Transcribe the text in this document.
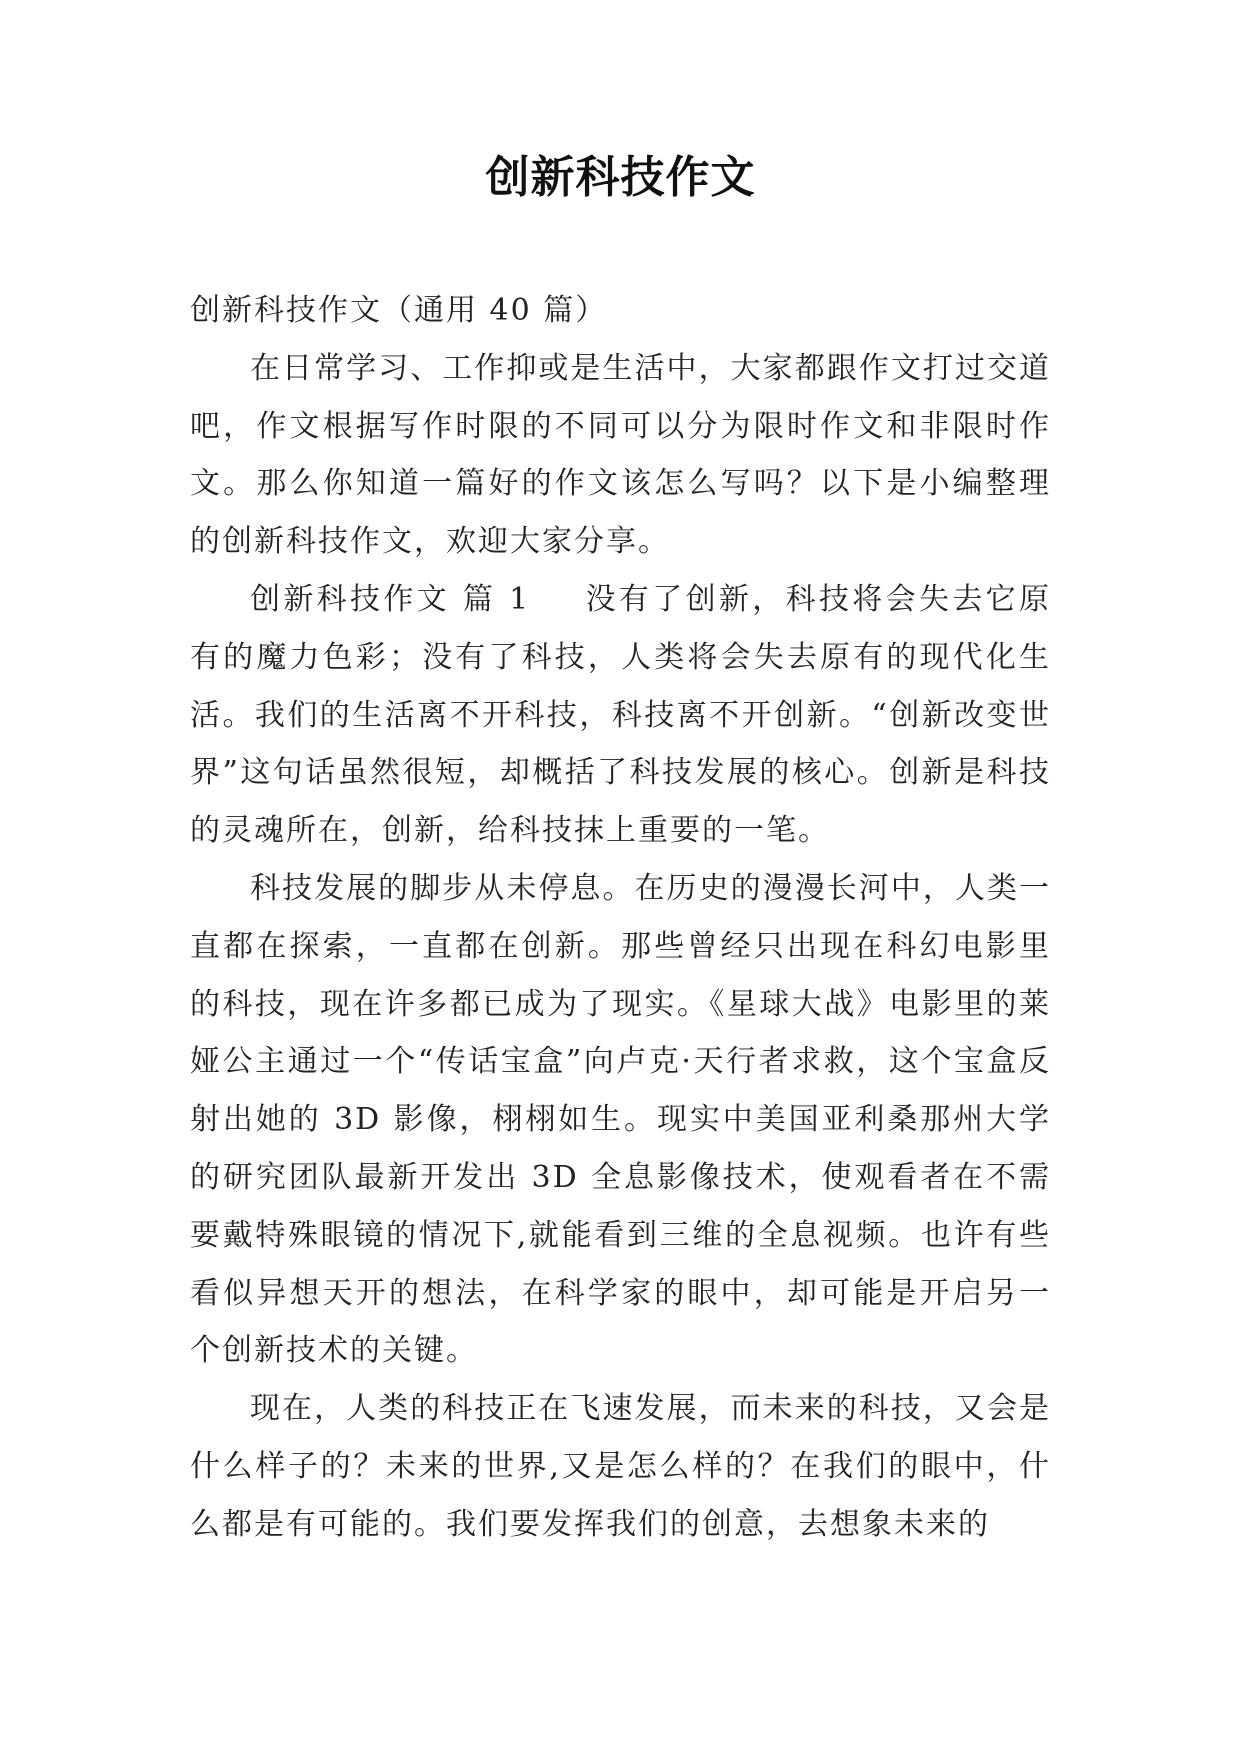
创新科技作文

创新科技作文（通用 40 篇）

在日常学习、工作抑或是生活中，大家都跟作文打过交道吧，作文根据写作时限的不同可以分为限时作文和非限时作文。那么你知道一篇好的作文该怎么写吗？以下是小编整理的创新科技作文，欢迎大家分享。

创新科技作文 篇 1 没有了创新，科技将会失去它原有的魔力色彩；没有了科技，人类将会失去原有的现代化生活。我们的生活离不开科技，科技离不开创新。“创新改变世界”这句话虽然很短，却概括了科技发展的核心。创新是科技的灵魂所在，创新，给科技抹上重要的一笔。

科技发展的脚步从未停息。在历史的漫漫长河中，人类一直都在探索，一直都在创新。那些曾经只出现在科幻电影里的科技，现在许多都已成为了现实。《星球大战》电影里的莱娅公主通过一个“传话宝盒”向卢克·天行者求救，这个宝盒反射出她的 3D 影像，栩栩如生。现实中美国亚利桑那州大学的研究团队最新开发出 3D 全息影像技术，使观看者在不需要戴特殊眼镜的情况下,就能看到三维的全息视频。也许有些看似异想天开的想法，在科学家的眼中，却可能是开启另一个创新技术的关键。

现在，人类的科技正在飞速发展，而未来的科技，又会是什么样子的？未来的世界,又是怎么样的？在我们的眼中，什么都是有可能的。我们要发挥我们的创意，去想象未来的
